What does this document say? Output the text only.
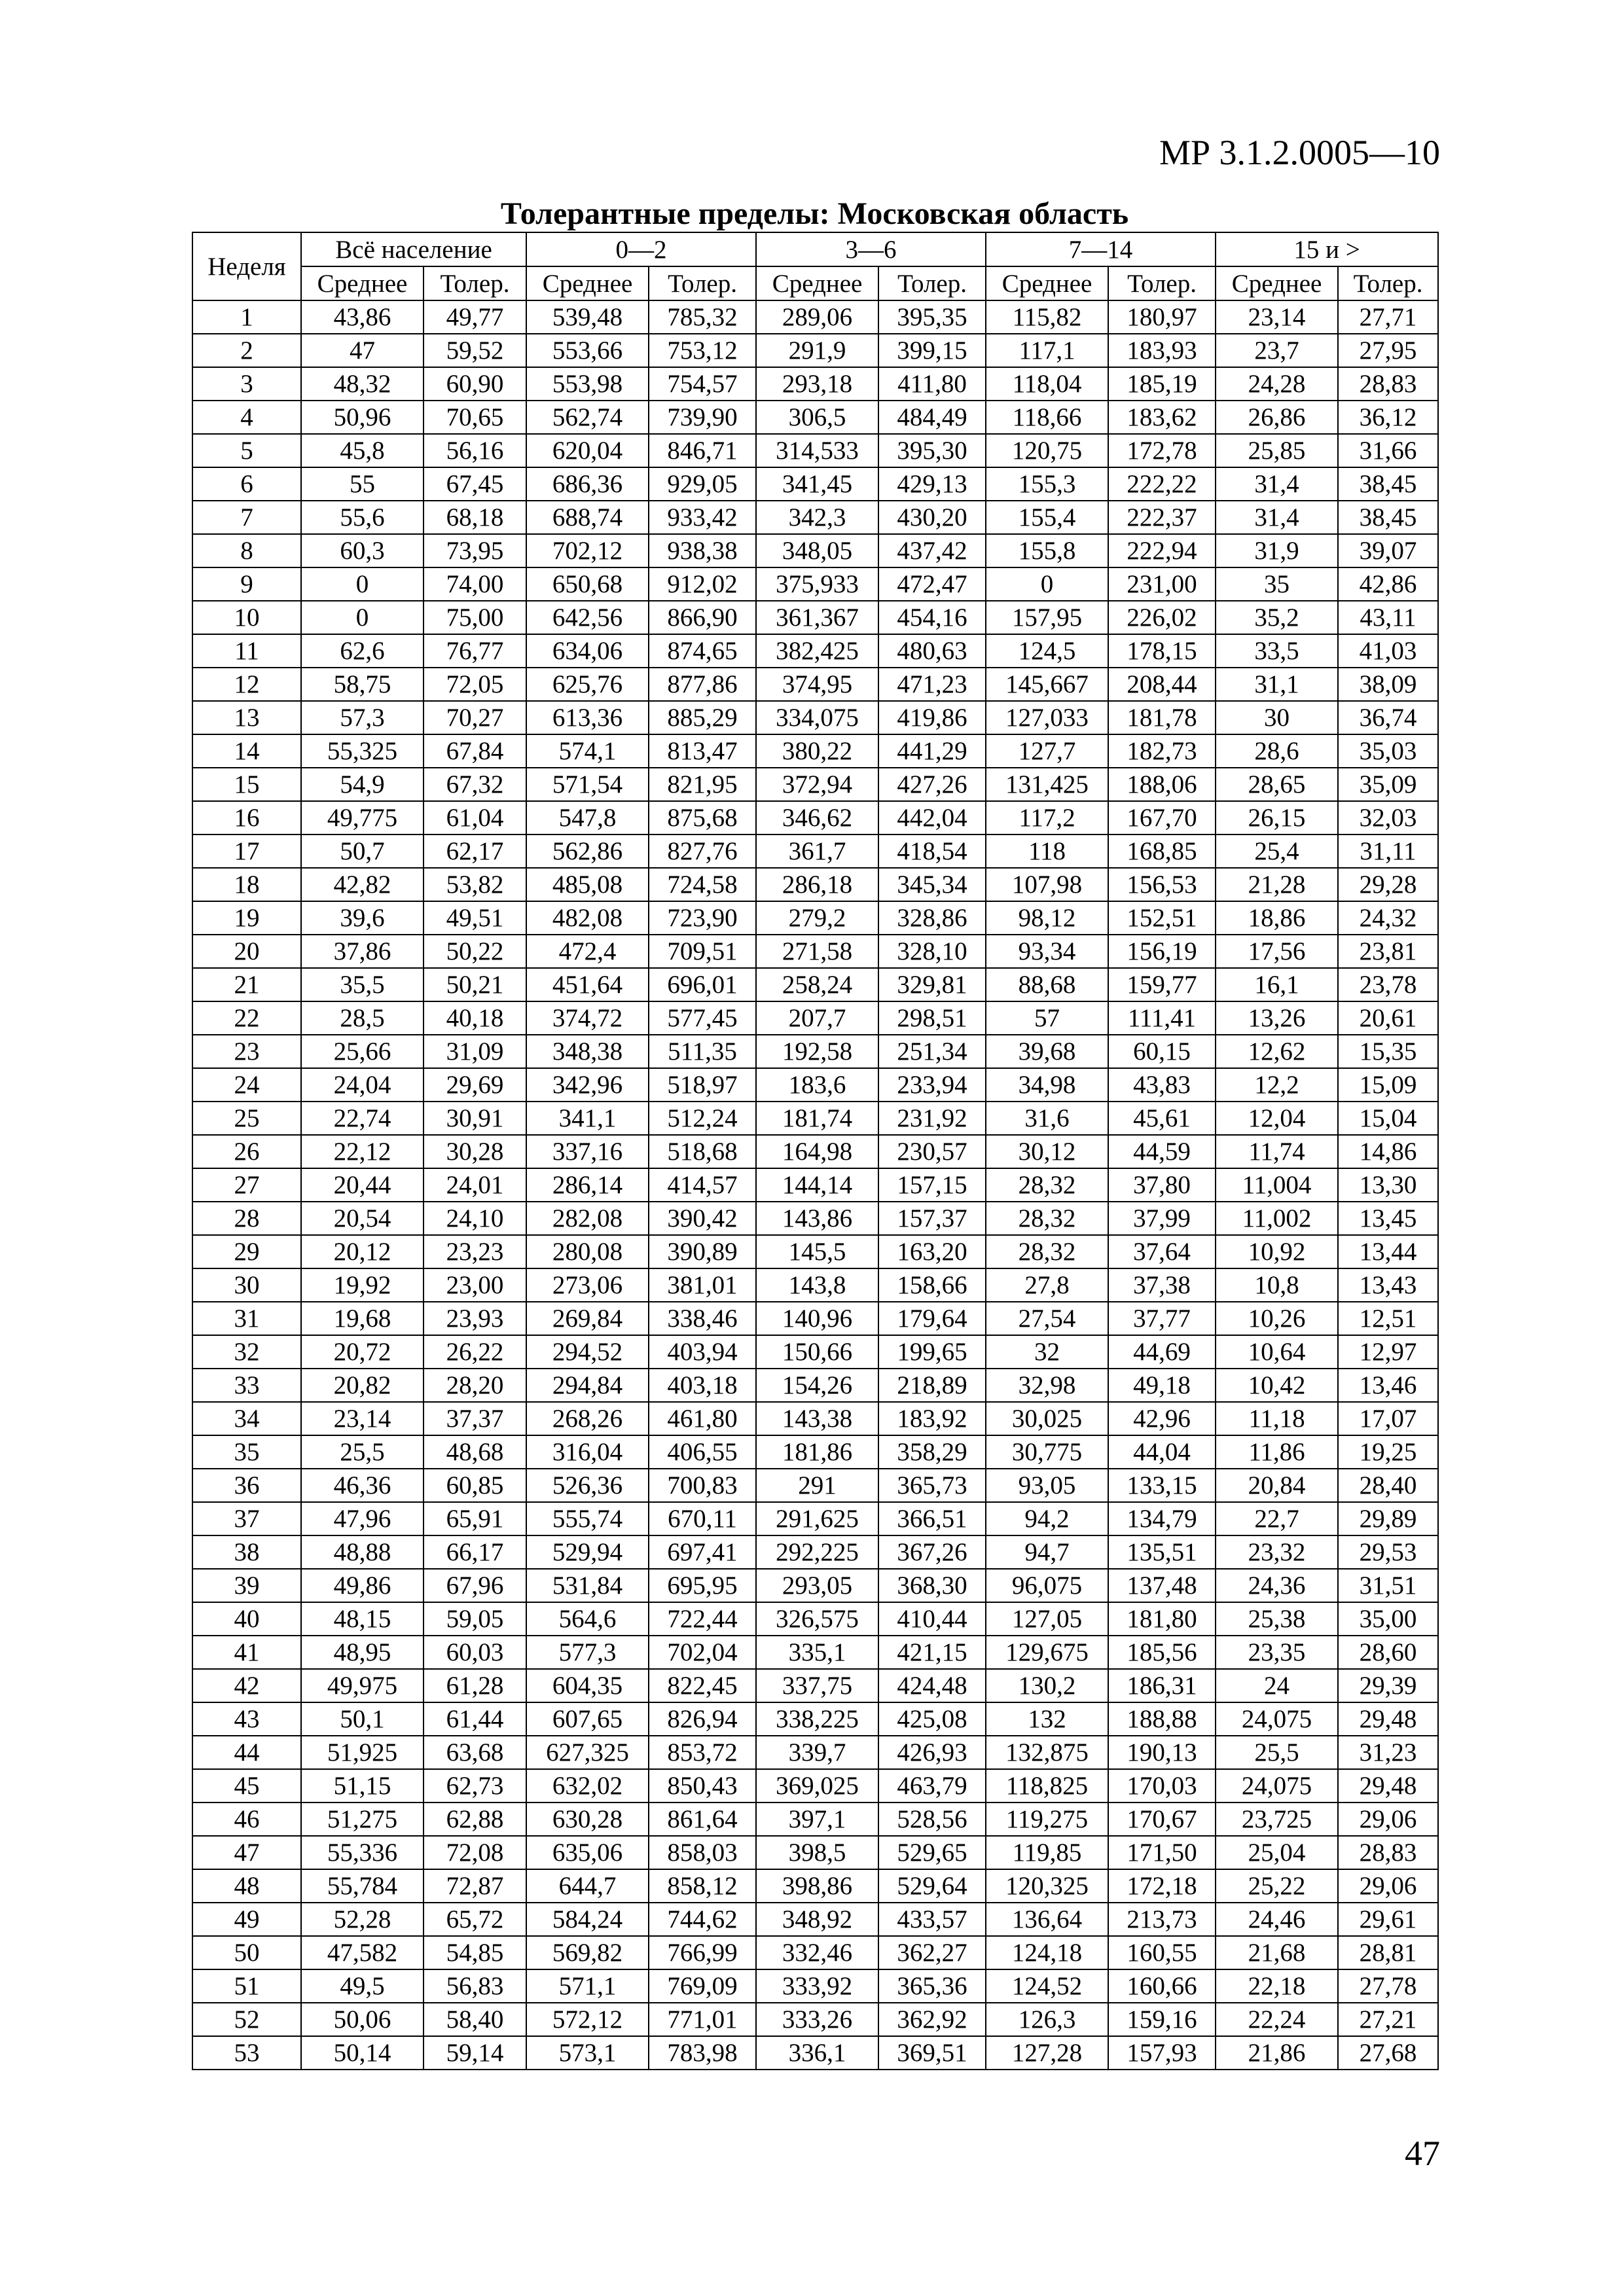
МР 3.1.2.0005—10
Толерантные пределы: Московская область
Неделя	Всё население		0—2		3—6		7—14		15 и >	
	Среднее	Толер.	Среднее	Толер.	Среднее	Толер.	Среднее	Толер.	Среднее	Толер.
1	43,86	49,77	539,48	785,32	289,06	395,35	115,82	180,97	23,14	27,71
2	47	59,52	553,66	753,12	291,9	399,15	117,1	183,93	23,7	27,95
3	48,32	60,90	553,98	754,57	293,18	411,80	118,04	185,19	24,28	28,83
4	50,96	70,65	562,74	739,90	306,5	484,49	118,66	183,62	26,86	36,12
5	45,8	56,16	620,04	846,71	314,533	395,30	120,75	172,78	25,85	31,66
6	55	67,45	686,36	929,05	341,45	429,13	155,3	222,22	31,4	38,45
7	55,6	68,18	688,74	933,42	342,3	430,20	155,4	222,37	31,4	38,45
8	60,3	73,95	702,12	938,38	348,05	437,42	155,8	222,94	31,9	39,07
9	0	74,00	650,68	912,02	375,933	472,47	0	231,00	35	42,86
10	0	75,00	642,56	866,90	361,367	454,16	157,95	226,02	35,2	43,11
11	62,6	76,77	634,06	874,65	382,425	480,63	124,5	178,15	33,5	41,03
12	58,75	72,05	625,76	877,86	374,95	471,23	145,667	208,44	31,1	38,09
13	57,3	70,27	613,36	885,29	334,075	419,86	127,033	181,78	30	36,74
14	55,325	67,84	574,1	813,47	380,22	441,29	127,7	182,73	28,6	35,03
15	54,9	67,32	571,54	821,95	372,94	427,26	131,425	188,06	28,65	35,09
16	49,775	61,04	547,8	875,68	346,62	442,04	117,2	167,70	26,15	32,03
17	50,7	62,17	562,86	827,76	361,7	418,54	118	168,85	25,4	31,11
18	42,82	53,82	485,08	724,58	286,18	345,34	107,98	156,53	21,28	29,28
19	39,6	49,51	482,08	723,90	279,2	328,86	98,12	152,51	18,86	24,32
20	37,86	50,22	472,4	709,51	271,58	328,10	93,34	156,19	17,56	23,81
21	35,5	50,21	451,64	696,01	258,24	329,81	88,68	159,77	16,1	23,78
22	28,5	40,18	374,72	577,45	207,7	298,51	57	111,41	13,26	20,61
23	25,66	31,09	348,38	511,35	192,58	251,34	39,68	60,15	12,62	15,35
24	24,04	29,69	342,96	518,97	183,6	233,94	34,98	43,83	12,2	15,09
25	22,74	30,91	341,1	512,24	181,74	231,92	31,6	45,61	12,04	15,04
26	22,12	30,28	337,16	518,68	164,98	230,57	30,12	44,59	11,74	14,86
27	20,44	24,01	286,14	414,57	144,14	157,15	28,32	37,80	11,004	13,30
28	20,54	24,10	282,08	390,42	143,86	157,37	28,32	37,99	11,002	13,45
29	20,12	23,23	280,08	390,89	145,5	163,20	28,32	37,64	10,92	13,44
30	19,92	23,00	273,06	381,01	143,8	158,66	27,8	37,38	10,8	13,43
31	19,68	23,93	269,84	338,46	140,96	179,64	27,54	37,77	10,26	12,51
32	20,72	26,22	294,52	403,94	150,66	199,65	32	44,69	10,64	12,97
33	20,82	28,20	294,84	403,18	154,26	218,89	32,98	49,18	10,42	13,46
34	23,14	37,37	268,26	461,80	143,38	183,92	30,025	42,96	11,18	17,07
35	25,5	48,68	316,04	406,55	181,86	358,29	30,775	44,04	11,86	19,25
36	46,36	60,85	526,36	700,83	291	365,73	93,05	133,15	20,84	28,40
37	47,96	65,91	555,74	670,11	291,625	366,51	94,2	134,79	22,7	29,89
38	48,88	66,17	529,94	697,41	292,225	367,26	94,7	135,51	23,32	29,53
39	49,86	67,96	531,84	695,95	293,05	368,30	96,075	137,48	24,36	31,51
40	48,15	59,05	564,6	722,44	326,575	410,44	127,05	181,80	25,38	35,00
41	48,95	60,03	577,3	702,04	335,1	421,15	129,675	185,56	23,35	28,60
42	49,975	61,28	604,35	822,45	337,75	424,48	130,2	186,31	24	29,39
43	50,1	61,44	607,65	826,94	338,225	425,08	132	188,88	24,075	29,48
44	51,925	63,68	627,325	853,72	339,7	426,93	132,875	190,13	25,5	31,23
45	51,15	62,73	632,02	850,43	369,025	463,79	118,825	170,03	24,075	29,48
46	51,275	62,88	630,28	861,64	397,1	528,56	119,275	170,67	23,725	29,06
47	55,336	72,08	635,06	858,03	398,5	529,65	119,85	171,50	25,04	28,83
48	55,784	72,87	644,7	858,12	398,86	529,64	120,325	172,18	25,22	29,06
49	52,28	65,72	584,24	744,62	348,92	433,57	136,64	213,73	24,46	29,61
50	47,582	54,85	569,82	766,99	332,46	362,27	124,18	160,55	21,68	28,81
51	49,5	56,83	571,1	769,09	333,92	365,36	124,52	160,66	22,18	27,78
52	50,06	58,40	572,12	771,01	333,26	362,92	126,3	159,16	22,24	27,21
53	50,14	59,14	573,1	783,98	336,1	369,51	127,28	157,93	21,86	27,68
47
